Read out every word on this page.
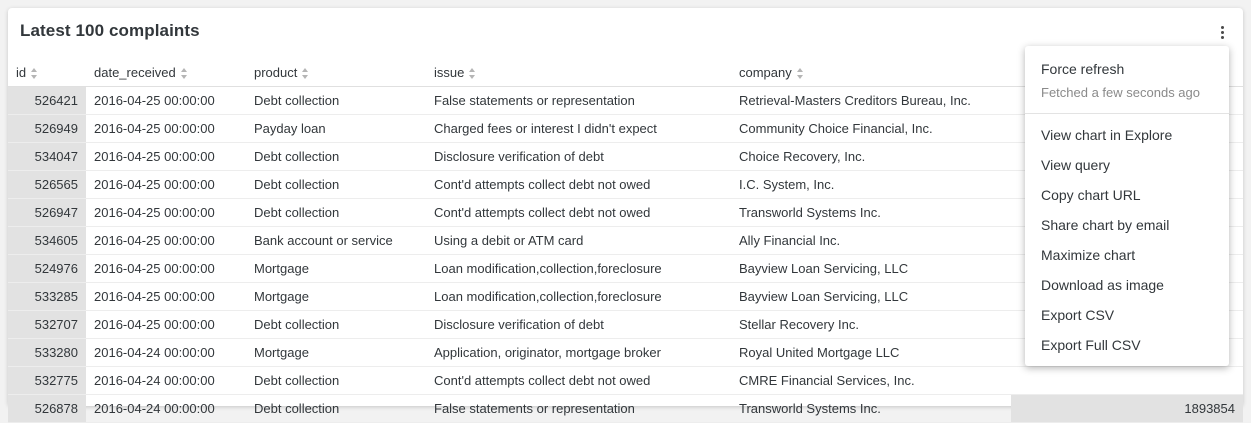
Latest 100 complaints
id	date_received	product	issue	company

526421	2016-04-25 00:00:00	Debt collection	False statements or representation	Retrieval-Masters Creditors Bureau, Inc.	
526949	2016-04-25 00:00:00	Payday loan	Charged fees or interest I didn't expect	Community Choice Financial, Inc.	
534047	2016-04-25 00:00:00	Debt collection	Disclosure verification of debt	Choice Recovery, Inc.	
526565	2016-04-25 00:00:00	Debt collection	Cont'd attempts collect debt not owed	I.C. System, Inc.	
526947	2016-04-25 00:00:00	Debt collection	Cont'd attempts collect debt not owed	Transworld Systems Inc.	
534605	2016-04-25 00:00:00	Bank account or service	Using a debit or ATM card	Ally Financial Inc.	
524976	2016-04-25 00:00:00	Mortgage	Loan modification,collection,foreclosure	Bayview Loan Servicing, LLC	
533285	2016-04-25 00:00:00	Mortgage	Loan modification,collection,foreclosure	Bayview Loan Servicing, LLC	
532707	2016-04-25 00:00:00	Debt collection	Disclosure verification of debt	Stellar Recovery Inc.	
533280	2016-04-24 00:00:00	Mortgage	Application, originator, mortgage broker	Royal United Mortgage LLC	
532775	2016-04-24 00:00:00	Debt collection	Cont'd attempts collect debt not owed	CMRE Financial Services, Inc.	
526878	2016-04-24 00:00:00	Debt collection	False statements or representation	Transworld Systems Inc.	1893854
Force refresh
Fetched a few seconds ago
View chart in Explore
View query
Copy chart URL
Share chart by email
Maximize chart
Download as image
Export CSV
Export Full CSV
